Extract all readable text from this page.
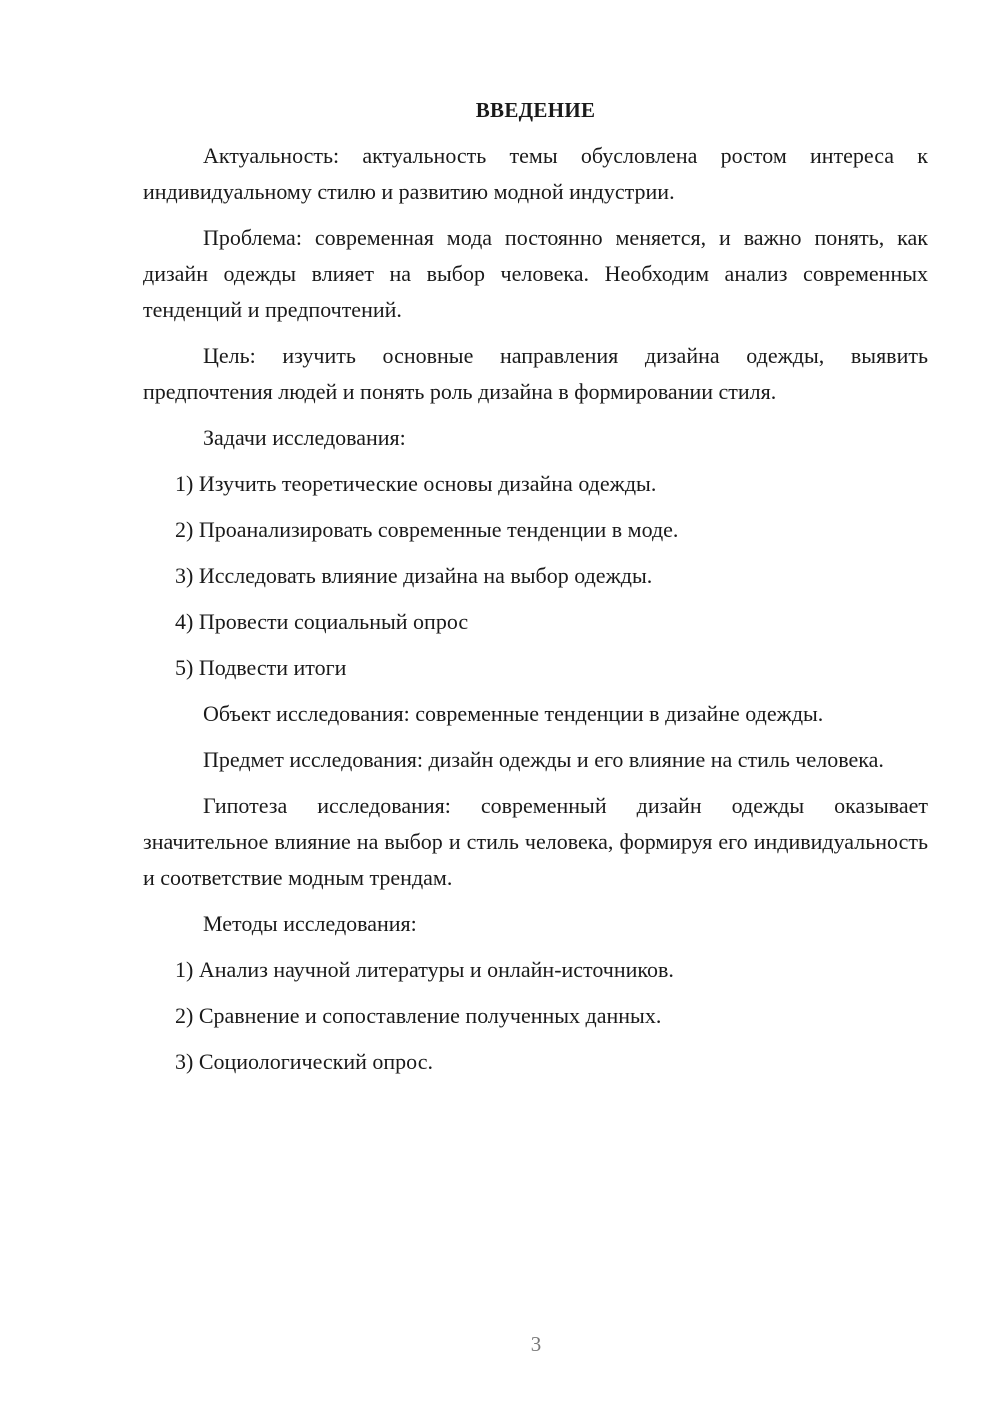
ВВЕДЕНИЕ

Актуальность: актуальность темы обусловлена ростом интереса к индивидуальному стилю и развитию модной индустрии.

Проблема: современная мода постоянно меняется, и важно понять, как дизайн одежды влияет на выбор человека. Необходим анализ современных тенденций и предпочтений.

Цель: изучить основные направления дизайна одежды, выявить предпочтения людей и понять роль дизайна в формировании стиля.

Задачи исследования:

1) Изучить теоретические основы дизайна одежды.

2) Проанализировать современные тенденции в моде.

3) Исследовать влияние дизайна на выбор одежды.

4) Провести социальный опрос

5) Подвести итоги

Объект исследования: современные тенденции в дизайне одежды.

Предмет исследования: дизайн одежды и его влияние на стиль человека.

Гипотеза исследования: современный дизайн одежды оказывает значительное влияние на выбор и стиль человека, формируя его индивидуальность и соответствие модным трендам.

Методы исследования:

1) Анализ научной литературы и онлайн-источников.

2) Сравнение и сопоставление полученных данных.

3) Социологический опрос.

3
